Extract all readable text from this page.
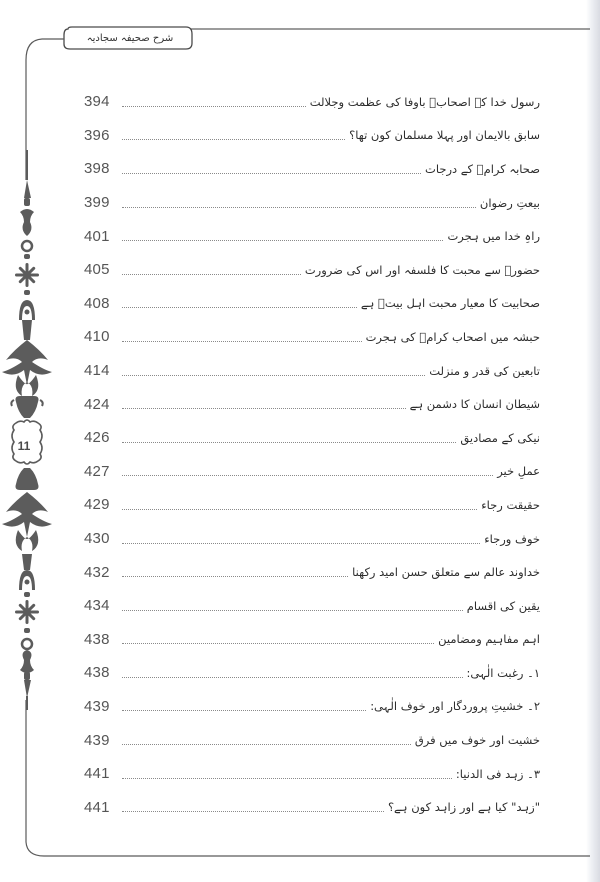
شرح صحیفہ سجادیہ
11
394	رسول خدا کے اصحابؓ باوفا کی عظمت وجلالت
396	سابق بالایمان اور پہلا مسلمان کون تھا؟
398	صحابہ کرامؓ کے درجات
399	بیعتِ رضوان
401	راہِ خدا میں ہجرت
405	حضورؐ سے محبت کا فلسفہ اور اس کی ضرورت
408	صحابیت کا معیار محبت اہل بیتؑ ہے
410	حبشہ میں اصحاب کرامؓ کی ہجرت
414	تابعین کی قدر و منزلت
424	شیطان انسان کا دشمن ہے
426	نیکی کے مصادیق
427	عملِ خیر
429	حقیقت رجاء
430	خوف ورجاء
432	خداوند عالم سے متعلق حسن امید رکھنا
434	یقین کی اقسام
438	اہم مفاہیم ومضامین
438	۱۔ رغبت الٰہی:
439	۲۔ خشیتِ پروردگار اور خوف الٰہی:
439	خشیت اور خوف میں فرق
441	۳۔ زہد فی الدنیا:
441	"زہد" کیا ہے اور زاہد کون ہے؟
